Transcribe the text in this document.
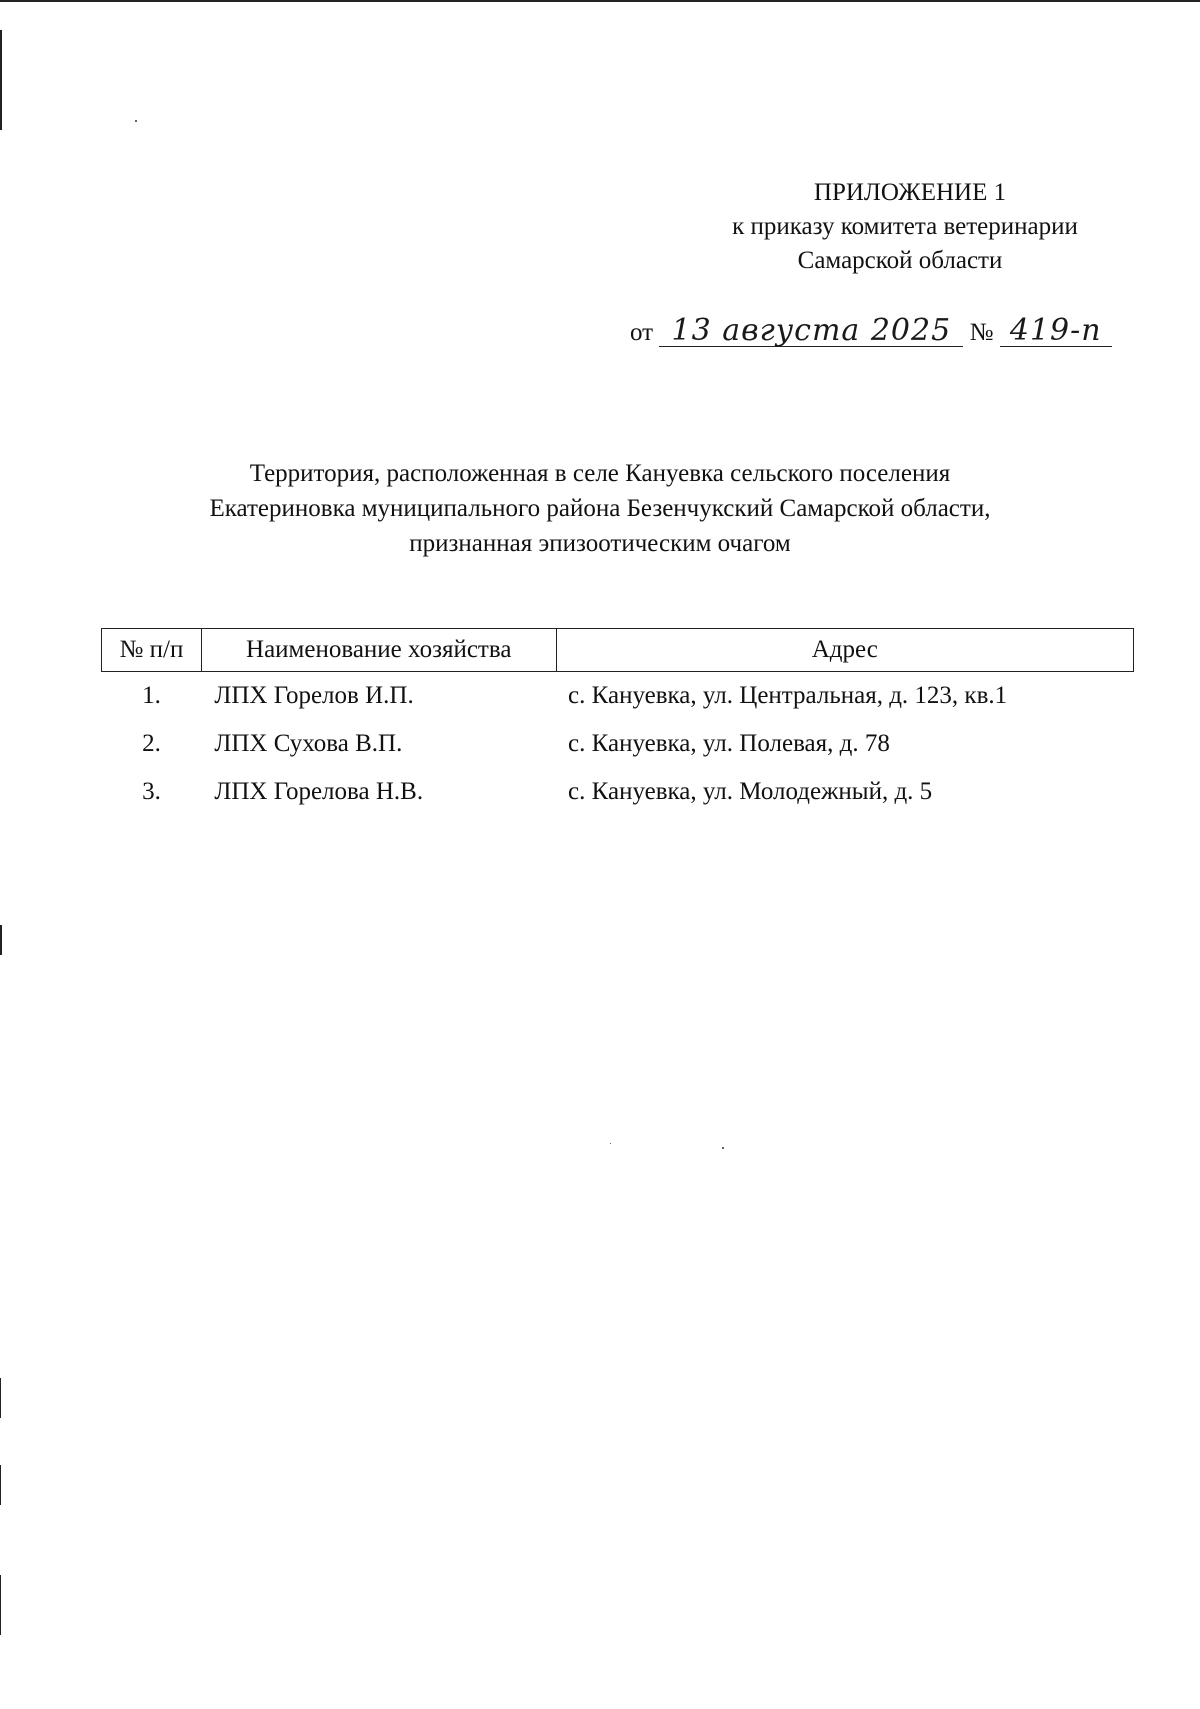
ПРИЛОЖЕНИЕ 1
к приказу комитета ветеринарии
Самарской области
от 13 августа 2025 № 419-п
Территория, расположенная в селе Кануевка сельского поселения
Екатериновка муниципального района Безенчукский Самарской области,
признанная эпизоотическим очагом
№ п/п	Наименование хозяйства	Адрес
1.	ЛПХ Горелов И.П.	с. Кануевка, ул. Центральная, д. 123, кв.1
2.	ЛПХ Сухова В.П.	с. Кануевка, ул. Полевая, д. 78
3.	ЛПХ Горелова Н.В.	с. Кануевка, ул. Молодежный, д. 5
